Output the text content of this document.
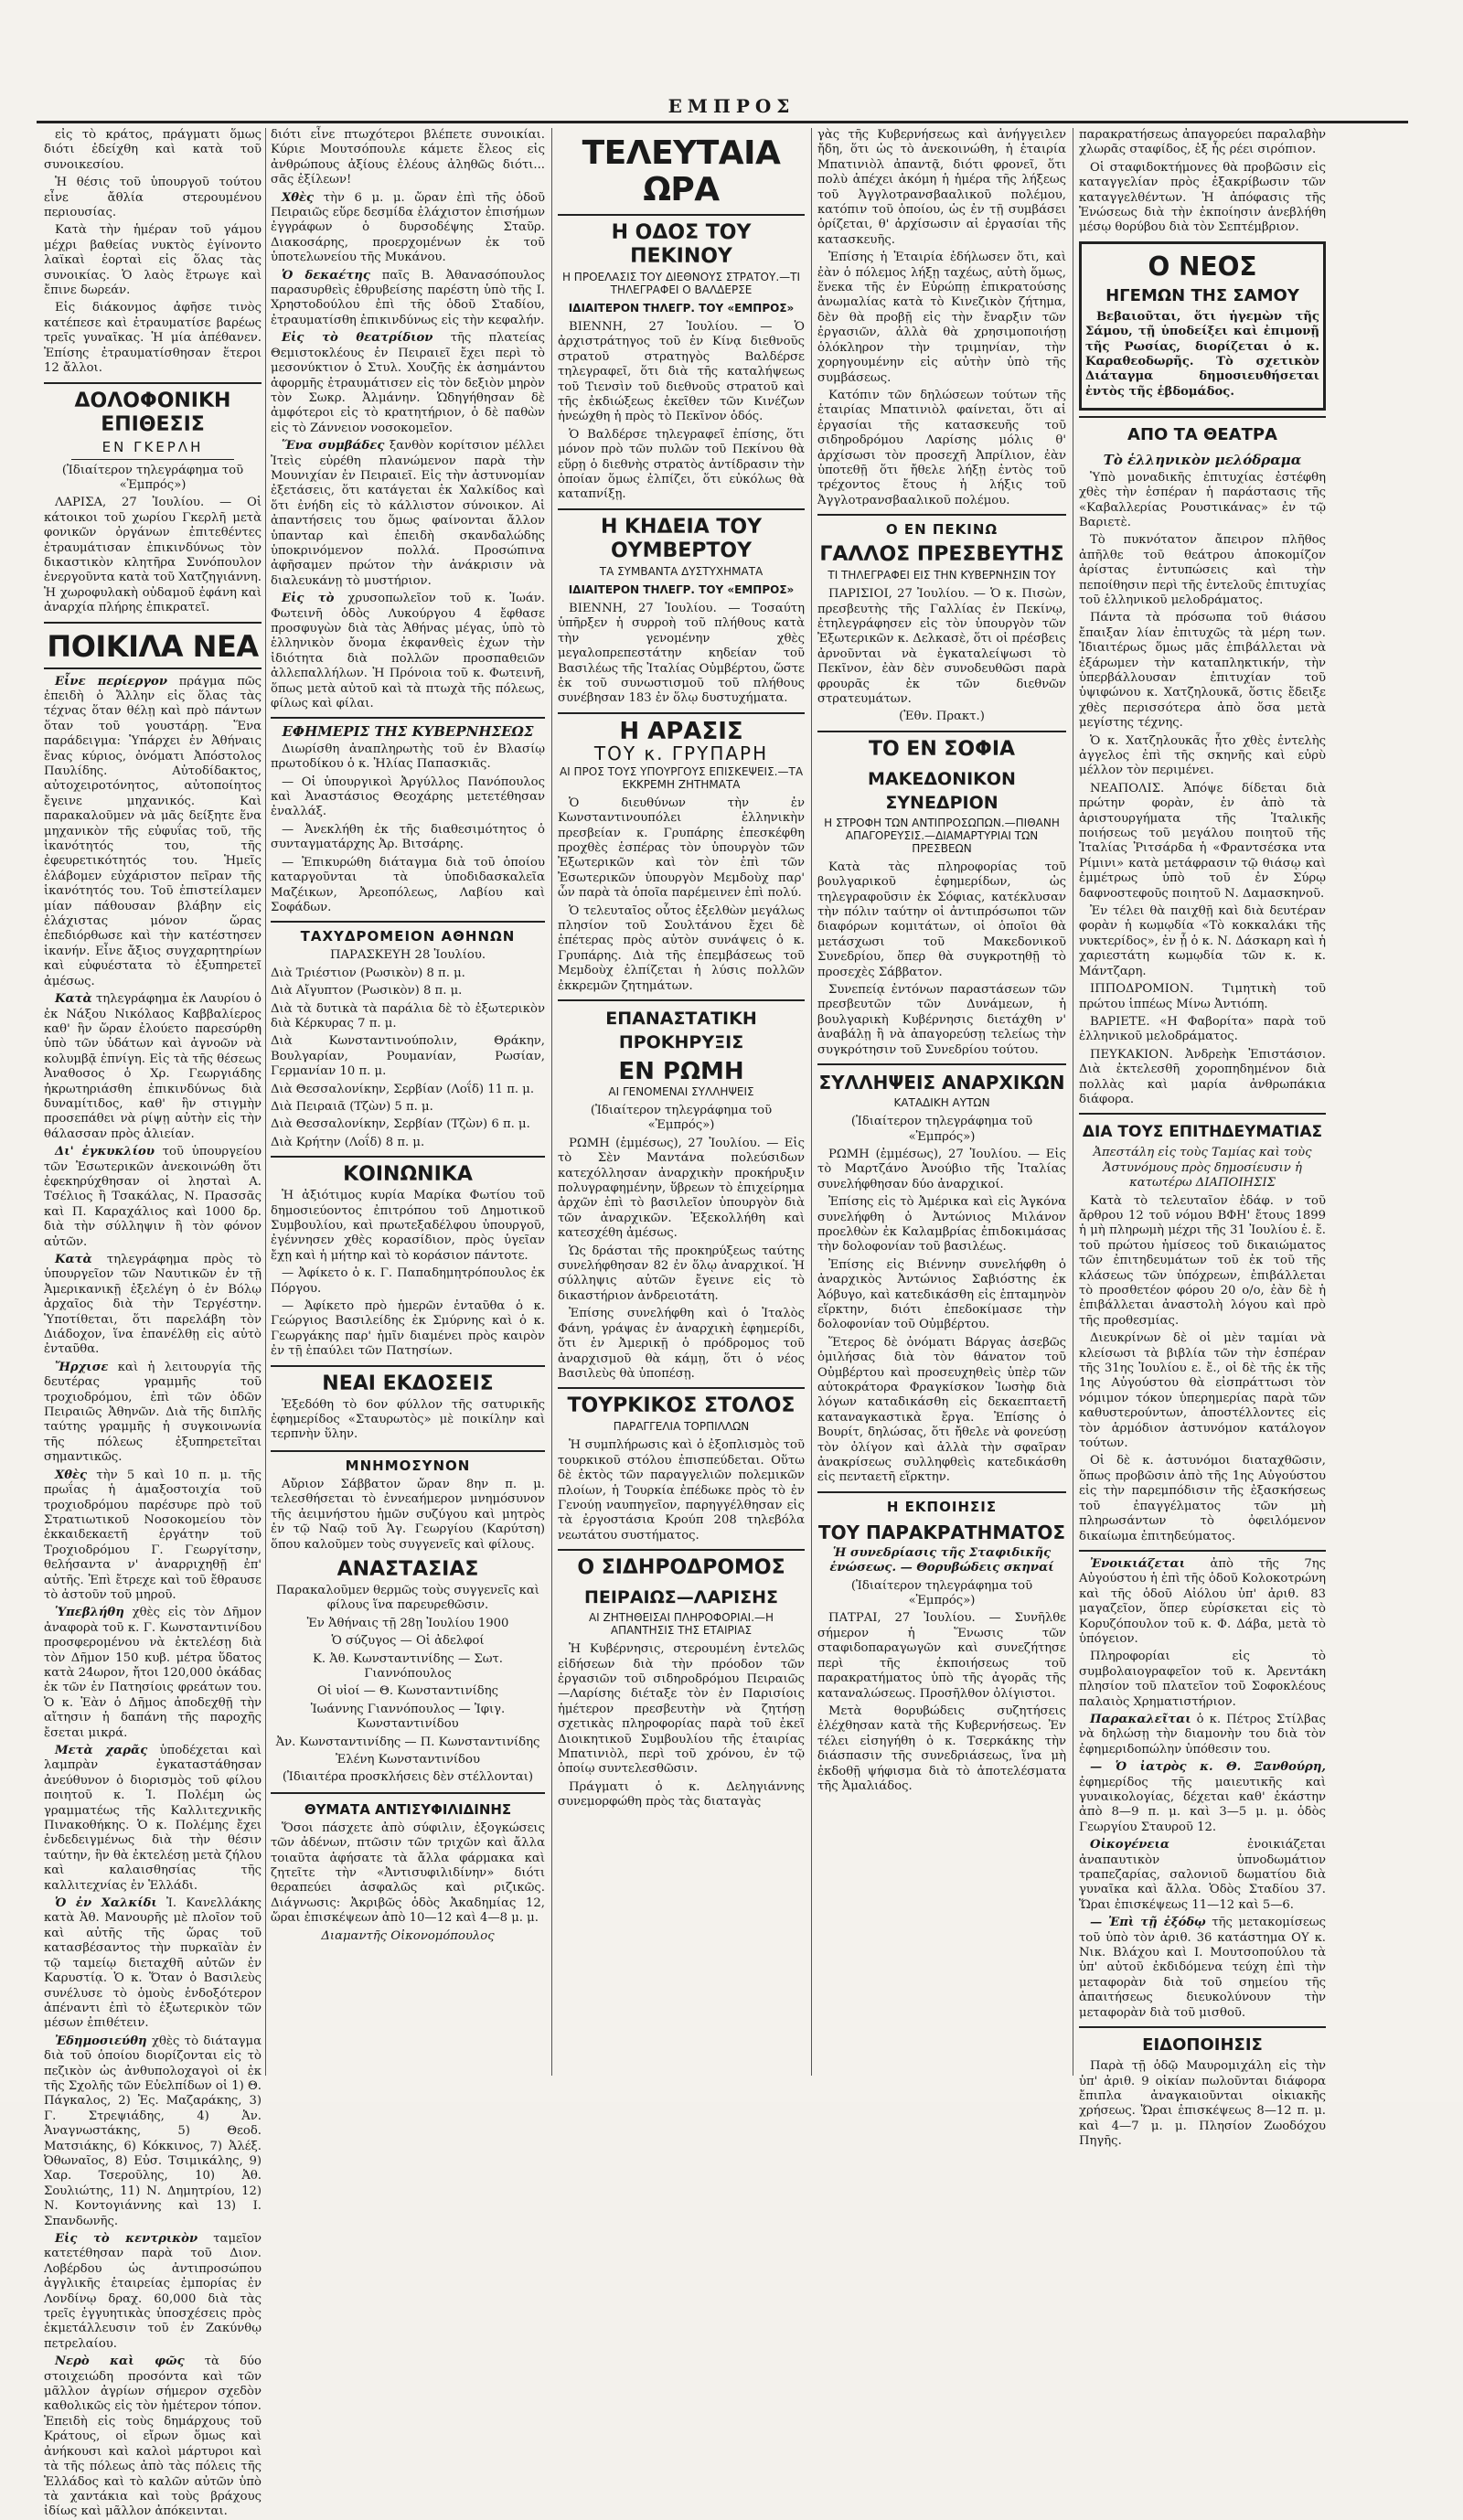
ΕΜΠΡΟΣ

εἰς τὸ κράτος, πράγματι ὅμως διότι ἐδείχθη καὶ κατὰ τοῦ συνοικεσίου.

Ἡ θέσις τοῦ ὑπουργοῦ τούτου εἶνε ἄθλία στερουμένου περιουσίας.

Κατὰ τὴν ἡμέραν τοῦ γάμου μέχρι βαθείας νυκτὸς ἐγίνοντο λαϊκαὶ ἑορταὶ εἰς ὅλας τὰς συνοικίας. Ὁ λαὸς ἔτρωγε καὶ ἔπινε δωρεάν.

Εἰς διάκονμος ἀφῆσε τινὸς κατέπεσε καὶ ἐτραυματίσε βαρέως τρεῖς γυναῖκας. Ἡ μία ἀπέθανεν. Ἐπίσης ἐτραυματίσθησαν ἕτεροι 12 ἄλλοι.

ΔΟΛΟΦΟΝΙΚΗ ΕΠΙΘΕΣΙΣ
ΕΝ ΓΚΕΡΛΗ

(Ἰδιαίτερον τηλεγράφημα τοῦ «Ἐμπρός»)

ΛΑΡΙΣΑ, 27 Ἰουλίου. — Οἱ κάτοικοι τοῦ χωρίου Γκερλῆ μετὰ φονικῶν ὀργάνων ἐπιτεθέντες ἐτραυμάτισαν ἐπικινδύνως τὸν δικαστικὸν κλητῆρα Συνόπουλον ἐνεργοῦντα κατὰ τοῦ Χατζηγιάννη. Ἡ χωροφυλακὴ οὐδαμοῦ ἐφάνη καὶ ἀναρχία πλήρης ἐπικρατεῖ.

ΠΟΙΚΙΛΑ ΝΕΑ

Εἶνε περίεργον πράγμα πῶς ἐπειδὴ ὁ Ἄλλην εἰς ὅλας τὰς τέχνας ὅταν θέλῃ καὶ πρὸ πάντων ὅταν τοῦ γουστάρῃ. Ἕνα παράδειγμα: Ὑπάρχει ἐν Ἀθήναις ἕνας κύριος, ὀνόματι Ἀπόστολος Παυλίδης. Αὐτοδίδακτος, αὐτοχειροτόνητος, αὐτοποίητος ἔγεινε μηχανικός. Καὶ παρακαλοῦμεν νὰ μᾶς δείξητε ἕνα μηχανικὸν τῆς εὐφυΐας τοῦ, τῆς ἱκανότητός του, τῆς ἐφευρετικότητός του. Ἡμεῖς ἐλάβομεν εὐχάριστον πεῖραν τῆς ἱκανότητός του. Τοῦ ἐπιστείλαμεν μίαν πάθουσαν βλάβην εἰς ἐλάχιστας μόνον ὥρας ἐπεδιόρθωσε καὶ τὴν κατέστησεν ἱκανήν. Εἶνε ἄξιος συγχαρητηρίων καὶ εὐφυέστατα τὸ ἐξυπηρετεῖ ἀμέσως.

Κατὰ τηλεγράφημα ἐκ Λαυρίου ὁ ἐκ Νάξου Νικόλαος Καββαλίερος καθ' ἣν ὥραν ἐλούετο παρεσύρθη ὑπὸ τῶν ὑδάτων καὶ ἀγνοῶν νὰ κολυμβᾷ ἐπνίγη. Εἰς τὰ τῆς θέσεως Ἀναθοσος ὁ Χρ. Γεωργιάδης ἠκρωτηριάσθη ἐπικινδύνως διὰ δυναμίτιδος, καθ' ἣν στιγμὴν προσεπάθει νὰ ρίψῃ αὐτὴν εἰς τὴν θάλασσαν πρὸς ἁλιείαν.

Δι' ἐγκυκλίου τοῦ ὑπουργείου τῶν Ἐσωτερικῶν ἀνεκοινώθη ὅτι ἐφεκηρύχθησαν οἱ λησταὶ Α. Τσέλιος ἢ Τσακάλας, Ν. Πρασσᾶς καὶ Π. Καραχάλιος καὶ 1000 δρ. διὰ τὴν σύλληψιν ἢ τὸν φόνον αὐτῶν.

Κατὰ τηλεγράφημα πρὸς τὸ ὑπουργεῖον τῶν Ναυτικῶν ἐν τῇ Ἀμερικανικῇ ἐξελέγη ὁ ἐν Βόλῳ ἀρχαῖος διὰ τὴν Τεργέστην. Ὑποτίθεται, ὅτι παρελάβη τὸν Διάδοχον, ἵνα ἐπανέλθῃ εἰς αὐτὸ ἐνταῦθα.

Ἤρχισε καὶ ἡ λειτουργία τῆς δευτέρας γραμμῆς τοῦ τροχιοδρόμου, ἐπὶ τῶν ὁδῶν Πειραιῶς Ἀθηνῶν. Διὰ τῆς διπλῆς ταύτης γραμμῆς ἡ συγκοινωνία τῆς πόλεως ἐξυπηρετεῖται σημαντικῶς.

Χθὲς τὴν 5 καὶ 10 π. μ. τῆς πρωΐας ἡ ἁμαξοστοιχία τοῦ τροχιοδρόμου παρέσυρε πρὸ τοῦ Στρατιωτικοῦ Νοσοκομείου τὸν ἑκκαιδεκαετῆ ἐργάτην τοῦ Τροχιοδρόμου Γ. Γεωργίτσην, θελήσαντα ν' ἀναρριχηθῇ ἐπ' αὐτῆς. Ἐπὶ ἔτρεχε καὶ τοῦ ἔθραυσε τὸ ἀστοῦν τοῦ μηροῦ.

Ὑπεβλήθη χθὲς εἰς τὸν Δῆμον ἀναφορὰ τοῦ κ. Γ. Κωνσταντινίδου προσφερομένου νὰ ἐκτελέσῃ διὰ τὸν Δῆμον 150 κυβ. μέτρα ὕδατος κατὰ 24ωρον, ἤτοι 120,000 ὀκάδας ἐκ τῶν ἐν Πατησίοις φρεάτων του. Ὁ κ. Ἐὰν ὁ Δῆμος ἀποδεχθῇ τὴν αἴτησιν ἡ δαπάνη τῆς παροχῆς ἔσεται μικρά.

Μετὰ χαρᾶς ὑποδέχεται καὶ λαμπρὰν ἐγκαταστάθησαν ἀνεύθυνον ὁ διορισμὸς τοῦ φίλου ποιητοῦ κ. Ἰ. Πολέμη ὡς γραμματέως τῆς Καλλιτεχνικῆς Πινακοθήκης. Ὁ κ. Πολέμης ἔχει ἐνδεδειγμένως διὰ τὴν θέσιν ταύτην, ἣν θὰ ἐκτελέσῃ μετὰ ζήλου καὶ καλαισθησίας τῆς καλλιτεχνίας ἐν Ἑλλάδι.

Ὁ ἐν Χαλκίδι Ἰ. Κανελλάκης κατὰ Ἀθ. Μανουρῆς μὲ πλοῖον τοῦ καὶ αὐτῆς τῆς ὥρας τοῦ κατασβέσαντος τὴν πυρκαϊὰν ἐν τῷ ταμείῳ διεταχθῆ αὐτῶν ἐν Καρυστίᾳ. Ὁ κ. Ὅταν ὁ Βασιλεὺς συνέλυσε τὸ ὁμοὺς ἐνδοξότερον ἀπέναντι ἐπὶ τὸ ἐξωτερικὸν τῶν μέσων ἐπιθέτειν.

Ἐδημοσιεύθη χθὲς τὸ διάταγμα διὰ τοῦ ὁποίου διορίζονται εἰς τὸ πεζικὸν ὡς ἀνθυπολοχαγοὶ οἱ ἐκ τῆς Σχολῆς τῶν Εὐελπίδων οἱ 1) Θ. Πάγκαλος, 2) Ἐς. Μαζαράκης, 3) Γ. Στρεψιάδης, 4) Ἀν. Ἀναγνωστάκης, 5) Θεοδ. Ματσιάκης, 6) Κόκκινος, 7) Ἀλέξ. Ὀθωναῖος, 8) Εὐσ. Τσιμικάλης, 9) Χαρ. Τσεροῦλης, 10) Ἀθ. Σουλιώτης, 11) Ν. Δημητρίου, 12) Ν. Κοντογιάννης καὶ 13) Ι. Σπανδωνῆς.

Εἰς τὸ κεντρικὸν ταμεῖον κατετέθησαν παρὰ τοῦ Διον. Λοβέρδου ὡς ἀντιπροσώπου ἀγγλικῆς ἑταιρείας ἐμπορίας ἐν Λονδίνῳ δραχ. 60,000 διὰ τὰς τρεῖς ἐγγυητικὰς ὑποσχέσεις πρὸς ἐκμετάλλευσιν τοῦ ἐν Ζακύνθῳ πετρελαίου.

Νερὸ καὶ φῶς τὰ δύο στοιχειώδη προσόντα καὶ τῶν μᾶλλον ἀγρίων σήμερον σχεδὸν καθολικῶς εἰς τὸν ἡμέτερον τόπον. Ἐπειδὴ εἰς τοὺς δημάρχους τοῦ Κράτους, οἱ εἴρων ὅμως καὶ ἀνήκουσι καὶ καλοὶ μάρτυροι καὶ τὰ τῆς πόλεως ἀπὸ τὰς πόλεις τῆς Ἑλλάδος καὶ τὸ καλῶν αὐτῶν ὑπὸ τὰ χαντάκια καὶ τοὺς βράχους ἰδίως καὶ μᾶλλον ἀπόκεινται.

διότι εἶνε πτωχότεροι βλέπετε συνοικίαι. Κύριε Μουτσόπουλε κάμετε ἔλεος εἰς ἀνθρώπους ἀξίους ἐλέους ἀληθῶς διότι... σᾶς ἐξίλεων!

Χθὲς τὴν 6 μ. μ. ὥραν ἐπὶ τῆς ὁδοῦ Πειραιῶς εὕρε δεσμίδα ἐλάχιστον ἐπισήμων ἐγγράφων ὁ δυρσοδέψης Σταῦρ. Διακοσάρης, προερχομένων ἐκ τοῦ ὑποτελωνείου τῆς Μυκάνου.

Ὁ δεκαέτης παῖς Β. Ἀθανασόπουλος παρασυρθεὶς ἐθρυβείσης παρέστη ὑπὸ τῆς Ι. Χρηστοδούλου ἐπὶ τῆς ὁδοῦ Σταδίου, ἐτραυματίσθη ἐπικινδύνως εἰς τὴν κεφαλήν.

Εἰς τὸ θεατρίδιον τῆς πλατείας Θεμιστοκλέους ἐν Πειραιεῖ ἔχει περὶ τὸ μεσονύκτιον ὁ Στυλ. Χουζῆς ἐκ ἀσημάντου ἀφορμῆς ἐτραυμάτισεν εἰς τὸν δεξιὸν μηρὸν τὸν Σωκρ. Ἀλμάνην. Ὡδηγήθησαν δὲ ἀμφότεροι εἰς τὸ κρατητήριον, ὁ δὲ παθὼν εἰς τὸ Ζάννειον νοσοκομεῖον.

Ἕνα συμβάδες ξανθὸν κορίτσιον μέλλει Ἰτεὶς εὑρέθη πλανώμενον παρὰ τὴν Μουνιχίαν ἐν Πειραιεῖ. Εἰς τὴν ἀστυνομίαν ἐξετάσεις, ὅτι κατάγεται ἐκ Χαλκίδος καὶ ὅτι ἐνήδη εἰς τὸ κάλλιστον σύνοικον. Αἱ ἀπαντήσεις του ὅμως φαίνονται ἄλλον ὑπανταρ καὶ ἐπειδὴ σκανδαλώδης ὑποκρινόμενον πολλά. Προσώπινα ἀφῆσαμεν πρώτον τὴν ἀνάκρισιν νὰ διαλευκάνῃ τὸ μυστήριον.

Εἰς τὸ χρυσοπωλεῖον τοῦ κ. Ἰωάν. Φωτεινῆ ὁδὸς Λυκούργου 4 ἔφθασε προσφυγὼν διὰ τὰς Ἀθήνας μέγας, ὑπὸ τὸ ἑλληνικὸν ὄνομα ἐκφανθεὶς ἐχων τὴν ἰδιότητα διὰ πολλῶν προσπαθειῶν ἀλλεπαλλήλων. Ἡ Πρόνοια τοῦ κ. Φωτεινῆ, ὅπως μετὰ αὐτοῦ καὶ τὰ πτωχὰ τῆς πόλεως, φίλως καὶ φίλαι.

ΕΦΗΜΕΡΙΣ ΤΗΣ ΚΥΒΕΡΝΗΣΕΩΣ

Διωρίσθη ἀναπληρωτὴς τοῦ ἐν Βλασίῳ πρωτοδίκου ὁ κ. Ἡλίας Παπασκιᾶς.

— Οἱ ὑπουργικοὶ Ἀργύλλος Πανόπουλος καὶ Ἀναστάσιος Θεοχάρης μετετέθησαν ἐναλλάξ.

— Ἀνεκλήθη ἐκ τῆς διαθεσιμότητος ὁ συνταγματάρχης Ἀρ. Βιτσάρης.

— Ἐπικυρώθη διάταγμα διὰ τοῦ ὁποίου καταργοῦνται τὰ ὑποδιδασκαλεῖα Μαζέικων, Ἀρεοπόλεως, Λαβίου καὶ Σοφάδων.

ΤΑΧΥΔΡΟΜΕΙΟΝ ΑΘΗΝΩΝ

ΠΑΡΑΣΚΕΥΗ 28 Ἰουλίου.

Διὰ Τριέστιον (Ρωσικὸν) 8 π. μ.

Διὰ Αἴγυπτον (Ρωσικὸν) 8 π. μ.

Διὰ τὰ δυτικὰ τὰ παράλια δὲ τὸ ἐξωτερικὸν διὰ Κέρκυρας 7 π. μ.

Διὰ Κωνσταντινούπολιν, Θράκην, Βουλγαρίαν, Ρουμανίαν, Ρωσίαν, Γερμανίαν 10 π. μ.

Διὰ Θεσσαλονίκην, Σερβίαν (Λοΐδ) 11 π. μ.

Διὰ Πειραιᾶ (Τζὼν) 5 π. μ.

Διὰ Θεσσαλονίκην, Σερβίαν (Τζὼν) 6 π. μ.

Διὰ Κρήτην (Λοΐδ) 8 π. μ.

ΚΟΙΝΩΝΙΚΑ

Ἡ ἀξιότιμος κυρία Μαρίκα Φωτίου τοῦ δημοσιεύοντος ἐπιτρόπου τοῦ Δημοτικοῦ Συμβουλίου, καὶ πρωτεξαδέλφου ὑπουργοῦ, ἐγέννησεν χθὲς κορασίδιον, πρὸς ὑγεῖαν ἔχῃ καὶ ἡ μήτηρ καὶ τὸ κοράσιον πάντοτε.

— Ἀφίκετο ὁ κ. Γ. Παπαδημητρόπουλος ἐκ Πόργου.

— Ἀφίκετο πρὸ ἡμερῶν ἐνταῦθα ὁ κ. Γεώργιος Βασιλείδης ἐκ Σμύρνης καὶ ὁ κ. Γεωργάκης παρ' ἡμῖν διαμένει πρὸς καιρὸν ἐν τῇ ἐπαύλει τῶν Πατησίων.

ΝΕΑΙ ΕΚΔΟΣΕΙΣ

Ἐξεδόθη τὸ 6ον φύλλον τῆς σατυρικῆς ἐφημερίδος «Σταυρωτὸς» μὲ ποικίλην καὶ τερπνὴν ὕλην.

ΜΝΗΜΟΣΥΝΟΝ

Αὔριον Σάββατον ὥραν 8ην π. μ. τελεσθήσεται τὸ ἐννεαήμερον μνημόσυνον τῆς ἀειμνήστου ἡμῶν συζύγου καὶ μητρὸς ἐν τῷ Ναῷ τοῦ Ἁγ. Γεωργίου (Καρύτση) ὅπου καλοῦμεν τοὺς συγγενεῖς καὶ φίλους.

ΑΝΑΣΤΑΣΙΑΣ

Παρακαλοῦμεν θερμῶς τοὺς συγγενεῖς καὶ φίλους ἵνα παρευρεθῶσιν.

Ἐν Ἀθήναις τῇ 28ῃ Ἰουλίου 1900

Ὁ σύζυγος — Οἱ ἀδελφοί

Κ. Ἀθ. Κωνσταντινίδης — Σωτ. Γιαννόπουλος

Οἱ υἱοί — Θ. Κωνσταντινίδης

Ἰωάννης Γιαννόπουλος — Ἰφιγ. Κωνσταντινίδου

Ἀν. Κωνσταντινίδης — Π. Κωνσταντινίδης

Ἐλένη Κωνσταντινίδου

(Ἰδιαιτέρα προσκλήσεις δὲν στέλλονται)

ΘΥΜΑΤΑ ΑΝΤΙΣΥΦΙΛΙΔΙΝΗΣ

Ὅσοι πάσχετε ἀπὸ σύφιλιν, ἐξογκώσεις τῶν ἀδένων, πτῶσιν τῶν τριχῶν καὶ ἄλλα τοιαῦτα ἀφήσατε τὰ ἄλλα φάρμακα καὶ ζητεῖτε τὴν «Ἀντισυφιλιδίνην» διότι θεραπεύει ἀσφαλῶς καὶ ριζικῶς. Διάγνωσις: Ἀκριβῶς ὁδὸς Ἀκαδημίας 12, ὥραι ἐπισκέψεων ἀπὸ 10—12 καὶ 4—8 μ. μ.

Διαμαντῆς Οἰκονομόπουλος

ΤΕΛΕΥΤΑΙΑ ΩΡΑ
Η ΟΔΟΣ ΤΟΥ ΠΕΚΙΝΟΥ
Η ΠΡΟΕΛΑΣΙΣ ΤΟΥ ΔΙΕΘΝΟΥΣ ΣΤΡΑΤΟΥ.—ΤΙ ΤΗΛΕΓΡΑΦΕΙ Ο ΒΑΛΔΕΡΣΕ
ΙΔΙΑΙΤΕΡΟΝ ΤΗΛΕΓΡ. ΤΟΥ «ΕΜΠΡΟΣ»

ΒΙΕΝΝΗ, 27 Ἰουλίου. — Ὁ ἀρχιστράτηγος τοῦ ἐν Κίνᾳ διεθνοῦς στρατοῦ στρατηγὸς Βαλδέρσε τηλεγραφεῖ, ὅτι διὰ τῆς καταλήψεως τοῦ Τιενσὶν τοῦ διεθνοῦς στρατοῦ καὶ τῆς ἐκδιώξεως ἐκεῖθεν τῶν Κινέζων ἠνεώχθη ἡ πρὸς τὸ Πεκῖνον ὁδός.

Ὁ Βαλδέρσε τηλεγραφεῖ ἐπίσης, ὅτι μόνον πρὸ τῶν πυλῶν τοῦ Πεκίνου θὰ εὕρῃ ὁ διεθνὴς στρατὸς ἀντίδρασιν τὴν ὁποίαν ὅμως ἐλπίζει, ὅτι εὐκόλως θὰ καταπνίξῃ.

Η ΚΗΔΕΙΑ ΤΟΥ ΟΥΜΒΕΡΤΟΥ
ΤΑ ΣΥΜΒΑΝΤΑ ΔΥΣΤΥΧΗΜΑΤΑ
ΙΔΙΑΙΤΕΡΟΝ ΤΗΛΕΓΡ. ΤΟΥ «ΕΜΠΡΟΣ»

ΒΙΕΝΝΗ, 27 Ἰουλίου. — Τοσαύτη ὑπῆρξεν ἡ συρροὴ τοῦ πλήθους κατὰ τὴν γενομένην χθὲς μεγαλοπρεπεστάτην κηδείαν τοῦ Βασιλέως τῆς Ἰταλίας Οὐμβέρτου, ὥστε ἐκ τοῦ συνωστισμοῦ τοῦ πλήθους συνέβησαν 183 ἐν ὅλῳ δυστυχήματα.

Η ΑΡΑΣΙΣ
ΤΟΥ κ. ΓΡΥΠΑΡΗ
ΑΙ ΠΡΟΣ ΤΟΥΣ ΥΠΟΥΡΓΟΥΣ ΕΠΙΣΚΕΨΕΙΣ.—ΤΑ ΕΚΚΡΕΜΗ ΖΗΤΗΜΑΤΑ

Ὁ διευθύνων τὴν ἐν Κωνσταντινουπόλει ἑλληνικὴν πρεσβείαν κ. Γρυπάρης ἐπεσκέφθη προχθὲς ἑσπέρας τὸν ὑπουργὸν τῶν Ἐξωτερικῶν καὶ τὸν ἐπὶ τῶν Ἐσωτερικῶν ὑπουργὸν Μεμδοὺχ παρ' ὧν παρὰ τὰ ὁποῖα παρέμεινεν ἐπὶ πολύ.

Ὁ τελευταῖος οὗτος ἐξελθὼν μεγάλως πλησίον τοῦ Σουλτάνου ἔχει δὲ ἐπέτερας πρὸς αὐτὸν συνάψεις ὁ κ. Γρυπάρης. Διὰ τῆς ἐπεμβάσεως τοῦ Μεμδοὺχ ἐλπίζεται ἡ λύσις πολλῶν ἐκκρεμῶν ζητημάτων.

ΕΠΑΝΑΣΤΑΤΙΚΗ ΠΡΟΚΗΡΥΞΙΣ
ΕΝ ΡΩΜΗ
ΑΙ ΓΕΝΟΜΕΝΑΙ ΣΥΛΛΗΨΕΙΣ

(Ἰδιαίτερον τηλεγράφημα τοῦ «Ἐμπρός»)

ΡΩΜΗ (ἐμμέσως), 27 Ἰουλίου. — Εἰς τὸ Σὲν Μαντάνα πολεύσιδων κατεχόλλησαν ἀναρχικὴν προκήρυξιν πολυγραφημένην, ὕβρεων τὸ ἐπιχείρημα ἀρχῶν ἐπὶ τὸ βασιλεῖον ὑπουργὸν διὰ τῶν ἀναρχικῶν. Ἐξεκολλήθη καὶ κατεσχέθη ἀμέσως.

Ὡς δράσται τῆς προκηρύξεως ταύτης συνελήφθησαν 82 ἐν ὅλῳ ἀναρχικοί. Ἡ σύλληψις αὐτῶν ἔγεινε εἰς τὸ δικαστήριον ἀνδρειοτάτη.

Ἐπίσης συνελήφθη καὶ ὁ Ἰταλὸς Φάνη, γράψας ἐν ἀναρχικὴ ἐφημερίδι, ὅτι ἐν Ἀμερικῇ ὁ πρόδρομος τοῦ ἀναρχισμοῦ θὰ κάμῃ, ὅτι ὁ νέος Βασιλεὺς θὰ ὑποπέσῃ.

ΤΟΥΡΚΙΚΟΣ ΣΤΟΛΟΣ
ΠΑΡΑΓΓΕΛΙΑ ΤΟΡΠΙΛΛΩΝ

Ἡ συμπλήρωσις καὶ ὁ ἐξοπλισμὸς τοῦ τουρκικοῦ στόλου ἐπισπεύδεται. Οὕτω δὲ ἐκτὸς τῶν παραγγελιῶν πολεμικῶν πλοίων, ἡ Τουρκία ἐπέδωκε πρὸς τὸ ἐν Γενούῃ ναυπηγεῖον, παρηγγέλθησαν εἰς τὰ ἐργοστάσια Κρούπ 208 τηλεβόλα νεωτάτου συστήματος.

Ο ΣΙΔΗΡΟΔΡΟΜΟΣ
ΠΕΙΡΑΙΩΣ—ΛΑΡΙΣΗΣ
ΑΙ ΖΗΤΗΘΕΙΣΑΙ ΠΛΗΡΟΦΟΡΙΑΙ.—Η ΑΠΑΝΤΗΣΙΣ ΤΗΣ ΕΤΑΙΡΙΑΣ

Ἡ Κυβέρνησις, στερουμένη ἐντελῶς εἰδήσεων διὰ τὴν πρόοδον τῶν ἐργασιῶν τοῦ σιδηροδρόμου Πειραιῶς—Λαρίσης διέταξε τὸν ἐν Παρισίοις ἡμέτερον πρεσβευτὴν νὰ ζητήσῃ σχετικὰς πληροφορίας παρὰ τοῦ ἐκεῖ Διοικητικοῦ Συμβουλίου τῆς ἑταιρίας Μπατινιὸλ, περὶ τοῦ χρόνου, ἐν τῷ ὁποίῳ συντελεσθῶσιν.

Πράγματι ὁ κ. Δεληγιάννης συνεμορφώθη πρὸς τὰς διαταγὰς

γὰς τῆς Κυβερνήσεως καὶ ἀνήγγειλεν ἤδη, ὅτι ὡς τὸ ἀνεκοινώθη, ἡ ἑταιρία Μπατινιὸλ ἀπαντᾷ, διότι φρονεῖ, ὅτι πολὺ ἀπέχει ἀκόμη ἡ ἡμέρα τῆς λήξεως τοῦ Ἀγγλοτρανσβααλικοῦ πολέμου, κατόπιν τοῦ ὁποίου, ὡς ἐν τῇ συμβάσει ὁρίζεται, θ' ἀρχίσωσιν αἱ ἐργασίαι τῆς κατασκευῆς.

Ἐπίσης ἡ Ἑταιρία ἐδήλωσεν ὅτι, καὶ ἐὰν ὁ πόλεμος λήξῃ ταχέως, αὐτὴ ὅμως, ἕνεκα τῆς ἐν Εὐρώπῃ ἐπικρατούσης ἀνωμαλίας κατὰ τὸ Κινεζικὸν ζήτημα, δὲν θὰ προβῇ εἰς τὴν ἔναρξιν τῶν ἐργασιῶν, ἀλλὰ θὰ χρησιμοποιήσῃ ὁλόκληρον τὴν τριμηνίαν, τὴν χορηγουμένην εἰς αὐτὴν ὑπὸ τῆς συμβάσεως.

Κατόπιν τῶν δηλώσεων τούτων τῆς ἑταιρίας Μπατινιὸλ φαίνεται, ὅτι αἱ ἐργασίαι τῆς κατασκευῆς τοῦ σιδηροδρόμου Λαρίσης μόλις θ' ἀρχίσωσι τὸν προσεχῆ Ἀπρίλιον, ἐὰν ὑποτεθῇ ὅτι ἤθελε λήξῃ ἐντὸς τοῦ τρέχοντος ἔτους ἡ λήξις τοῦ Ἀγγλοτρανσβααλικοῦ πολέμου.

Ο ΕΝ ΠΕΚΙΝΩ
ΓΑΛΛΟΣ ΠΡΕΣΒΕΥΤΗΣ
ΤΙ ΤΗΛΕΓΡΑΦΕΙ ΕΙΣ ΤΗΝ ΚΥΒΕΡΝΗΣΙΝ ΤΟΥ

ΠΑΡΙΣΙΟΙ, 27 Ἰουλίου. — Ὁ κ. Πισὼν, πρεσβευτὴς τῆς Γαλλίας ἐν Πεκίνῳ, ἐτηλεγράφησεν εἰς τὸν ὑπουργὸν τῶν Ἐξωτερικῶν κ. Δελκασὲ, ὅτι οἱ πρέσβεις ἀρνοῦνται νὰ ἐγκαταλείψωσι τὸ Πεκῖνον, ἐὰν δὲν συνοδευθῶσι παρὰ φρουρᾶς ἐκ τῶν διεθνῶν στρατευμάτων.

(Ἐθν. Πρακτ.)

ΤΟ ΕΝ ΣΟΦΙΑ
ΜΑΚΕΔΟΝΙΚΟΝ ΣΥΝΕΔΡΙΟΝ
Η ΣΤΡΟΦΗ ΤΩΝ ΑΝΤΙΠΡΟΣΩΠΩΝ.—ΠΙΘΑΝΗ ΑΠΑΓΟΡΕΥΣΙΣ.—ΔΙΑΜΑΡΤΥΡΙΑΙ ΤΩΝ ΠΡΕΣΒΕΩΝ

Κατὰ τὰς πληροφορίας τοῦ βουλγαρικοῦ ἐφημερίδων, ὡς τηλεγραφοῦσιν ἐκ Σόφιας, κατέκλυσαν τὴν πόλιν ταύτην οἱ ἀντιπρόσωποι τῶν διαφόρων κομιτάτων, οἱ ὁποῖοι θὰ μετάσχωσι τοῦ Μακεδονικοῦ Συνεδρίου, ὅπερ θὰ συγκροτηθῇ τὸ προσεχὲς Σάββατον.

Συνεπείᾳ ἐντόνων παραστάσεων τῶν πρεσβευτῶν τῶν Δυνάμεων, ἡ βουλγαρικὴ Κυβέρνησις διετάχθη ν' ἀναβάλῃ ἢ νὰ ἀπαγορεύσῃ τελείως τὴν συγκρότησιν τοῦ Συνεδρίου τούτου.

ΣΥΛΛΗΨΕΙΣ ΑΝΑΡΧΙΚΩΝ
ΚΑΤΑΔΙΚΗ ΑΥΤΩΝ

(Ἰδιαίτερον τηλεγράφημα τοῦ «Ἐμπρός»)

ΡΩΜΗ (ἐμμέσως), 27 Ἰουλίου. — Εἰς τὸ Μαρτζάνο Ἀνούβιο τῆς Ἰταλίας συνελήφθησαν δύο ἀναρχικοί.

Ἐπίσης εἰς τὸ Ἀμέρικα καὶ εἰς Ἀγκόνα συνελήφθη ὁ Ἀντώνιος Μιλάνον προελθὼν ἐκ Καλαμβρίας ἐπιδοκιμάσας τὴν δολοφονίαν τοῦ βασιλέως.

Ἐπίσης εἰς Βιέννην συνελήφθη ὁ ἀναρχικὸς Ἀντώνιος Σαβιόστης ἐκ Ἀόβυγο, καὶ κατεδικάσθη εἰς ἑπταμηνὸν εἵρκτην, διότι ἐπεδοκίμασε τὴν δολοφονίαν τοῦ Οὐμβέρτου.

Ἕτερος δὲ ὀνόματι Βάργας ἀσεβῶς ὁμιλήσας διὰ τὸν θάνατον τοῦ Οὐμβέρτου καὶ προσευχηθεὶς ὑπὲρ τῶν αὐτοκράτορα Φραγκίσκον Ἰωσὴφ διὰ λόγων καταδικάσθη εἰς δεκαεπταετῆ καταναγκαστικὰ ἔργα. Ἐπίσης ὁ Βουρίτ, δηλώσας, ὅτι ἤθελε νὰ φονεύσῃ τὸν ὀλίγον καὶ ἀλλὰ τὴν σφαῖραν ἀνακρίσεως συλληφθεὶς κατεδικάσθη εἰς πενταετῆ εἵρκτην.

Η ΕΚΠΟΙΗΣΙΣ
ΤΟΥ ΠΑΡΑΚΡΑΤΗΜΑΤΟΣ

Ἡ συνεδρίασις τῆς Σταφιδικῆς ἑνώσεως. — Θορυβώδεις σκηναί

(Ἰδιαίτερον τηλεγράφημα τοῦ «Ἐμπρός»)

ΠΑΤΡΑΙ, 27 Ἰουλίου. — Συνῆλθε σήμερον ἡ Ἕνωσις τῶν σταφιδοπαραγωγῶν καὶ συνεζήτησε περὶ τῆς ἐκποιήσεως τοῦ παρακρατήματος ὑπὸ τῆς ἀγορᾶς τῆς καταναλώσεως. Προσῆλθον ὀλίγιστοι.

Μετὰ θορυβώδεις συζητήσεις ἐλέχθησαν κατὰ τῆς Κυβερνήσεως. Ἐν τέλει εἰσηγήθη ὁ κ. Τσερκάκης τὴν διάσπασιν τῆς συνεδριάσεως, ἵνα μὴ ἐκδοθῇ ψήφισμα διὰ τὸ ἀποτελέσματα τῆς Ἀμαλιάδος.

παρακρατήσεως ἀπαγορεύει παραλαβὴν χλωρᾶς σταφίδος, ἐξ ἧς ρέει σιρόπιον.

Οἱ σταφιδοκτήμονες θὰ προβῶσιν εἰς καταγγελίαν πρὸς ἐξακρίβωσιν τῶν καταγγελθέντων. Ἡ ἀπόφασις τῆς Ἑνώσεως διὰ τὴν ἐκποίησιν ἀνεβλήθη μέσῳ θορύβου διὰ τὸν Σεπτέμβριον.

Ο ΝΕΟΣ
ΗΓΕΜΩΝ ΤΗΣ ΣΑΜΟΥ

Βεβαιοῦται, ὅτι ἡγεμὼν τῆς Σάμου, τῇ ὑποδείξει καὶ ἐπιμονῇ τῆς Ρωσίας, διορίζεται ὁ κ. Καραθεοδωρῆς. Τὸ σχετικὸν Διάταγμα δημοσιευθήσεται ἐντὸς τῆς ἑβδομάδος.

ΑΠΟ ΤΑ ΘΕΑΤΡΑ
Τὸ ἑλληνικὸν μελόδραμα

Ὑπὸ μοναδικῆς ἐπιτυχίας ἐστέφθη χθὲς τὴν ἑσπέραν ἡ παράστασις τῆς «Καβαλλερίας Ρουστικάνας» ἐν τῷ Βαριετὲ.

Τὸ πυκνότατον ἄπειρον πλῆθος ἀπῆλθε τοῦ θεάτρου ἀποκομίζον ἀρίστας ἐντυπώσεις καὶ τὴν πεποίθησιν περὶ τῆς ἐντελοῦς ἐπιτυχίας τοῦ ἑλληνικοῦ μελοδράματος.

Πάντα τὰ πρόσωπα τοῦ θιάσου ἔπαιξαν λίαν ἐπιτυχῶς τὰ μέρη των. Ἰδιαιτέρως ὅμως μᾶς ἐπιβάλλεται νὰ ἐξάρωμεν τὴν καταπληκτικήν, τὴν ὑπερβάλλουσαν ἐπιτυχίαν τοῦ ὑψιφώνου κ. Χατζηλουκᾶ, ὅστις ἔδειξε χθὲς περισσότερα ἀπὸ ὅσα μετὰ μεγίστης τέχνης.

Ὁ κ. Χατζηλουκᾶς ἦτο χθὲς ἐντελὴς ἀγγελος ἐπὶ τῆς σκηνῆς καὶ εὐρὺ μέλλον τὸν περιμένει.

ΝΕΑΠΟΛΙΣ. Ἀπόψε δίδεται διὰ πρώτην φορὰν, ἐν ἀπὸ τὰ ἀριστουργήματα τῆς Ἰταλικῆς ποιήσεως τοῦ μεγάλου ποιητοῦ τῆς Ἰταλίας Ῥιτσάρδα ἡ «Φραντσέσκα ντα Ρίμινι» κατὰ μετάφρασιν τῷ θιάσῳ καὶ ἐμμέτρως ὑπὸ τοῦ ἐν Σύρῳ δαφνοστεφοῦς ποιητοῦ Ν. Δαμασκηνοῦ.

Ἐν τέλει θὰ παιχθῇ καὶ διὰ δευτέραν φορὰν ἡ κωμῳδία «Τὸ κοκκαλάκι τῆς νυκτερίδος», ἐν ᾗ ὁ κ. Ν. Δάσκαρη καὶ ἡ χαριεστάτη κωμῳδία τῶν κ. κ. Μάντζαρη.

ΙΠΠΟΔΡΟΜΙΟΝ. Τιμητικὴ τοῦ πρώτου ἱππέως Μίνω Ἀντιόπη.

ΒΑΡΙΕΤΕ. «Η Φαβορίτα» παρὰ τοῦ ἑλληνικοῦ μελοδράματος.

ΠΕΥΚΑΚΙΟΝ. Ἀνδρεὴκ Ἐπιστάσιον. Διὰ ἐκτελεσθῆ χοροπηδημένον διὰ πολλὰς καὶ μαρία ἀνθρωπάκια διάφορα.

ΔΙΑ ΤΟΥΣ ΕΠΙΤΗΔΕΥΜΑΤΙΑΣ

Ἀπεστάλη εἰς τοὺς Ταμίας καὶ τοὺς Ἀστυνόμους πρὸς δημοσίευσιν ἡ κατωτέρω ΔΙΑΠΟΙΗΣΙΣ

Κατὰ τὸ τελευταῖον ἐδάφ. ν τοῦ ἄρθρου 12 τοῦ νόμου ΒΦΗ' ἔτους 1899 ἡ μὴ πληρωμὴ μέχρι τῆς 31 Ἰουλίου ἑ. ἔ. τοῦ πρώτου ἡμίσεος τοῦ δικαιώματος τῶν ἐπιτηδευμάτων τοῦ ἐκ τοῦ τῆς κλάσεως τῶν ὑπόχρεων, ἐπιβάλλεται τὸ προσθετέον φόρου 20 ο/ο, ἐὰν δὲ ἡ ἐπιβάλλεται ἀναστολὴ λόγου καὶ πρὸ τῆς προθεσμίας.

Διευκρίνων δὲ οἱ μὲν ταμίαι νὰ κλείσωσι τὰ βιβλία τῶν τὴν ἑσπέραν τῆς 31ης Ἰουλίου ε. ἔ., οἱ δὲ τῆς ἐκ τῆς 1ης Αὐγούστου θὰ εἰσπράττωσι τὸν νόμιμον τόκον ὑπερημερίας παρὰ τῶν καθυστερούντων, ἀποστέλλοντες εἰς τὸν ἁρμόδιον ἀστυνόμον κατάλογον τούτων.

Οἱ δὲ κ. ἀστυνόμοι διαταχθῶσιν, ὅπως προβῶσιν ἀπὸ τῆς 1ης Αὐγούστου εἰς τὴν παρεμπόδισιν τῆς ἐξασκήσεως τοῦ ἐπαγγέλματος τῶν μὴ πληρωσάντων τὸ ὀφειλόμενον δικαίωμα ἐπιτηδεύματος.

Ἐνοικιάζεται ἀπὸ τῆς 7ης Αὐγούστου ἡ ἐπὶ τῆς ὁδοῦ Κολοκοτρώνη καὶ τῆς ὁδοῦ Αἰόλου ὑπ' ἀριθ. 83 μαγαζεῖον, ὅπερ εὑρίσκεται εἰς τὸ Κορυζόπουλον τοῦ κ. Φ. Δάβα, μετὰ τὸ ὑπόγειον.

Πληροφορίαι εἰς τὸ συμβολαιογραφεῖον τοῦ κ. Ἀρεντάκη πλησίον τοῦ πλατεῖον τοῦ Σοφοκλέους παλαιὸς Χρηματιστήριον.

Παρακαλεῖται ὁ κ. Πέτρος Στίλβας νὰ δηλώσῃ τὴν διαμονὴν του διὰ τὸν ἐφημεριδοπώλην ὑπόθεσιν του.

— Ὁ ἰατρὸς κ. Θ. Ξανθούρη, ἐφημερίδος τῆς μαιευτικῆς καὶ γυναικολογίας, δέχεται καθ' ἑκάστην ἀπὸ 8—9 π. μ. καὶ 3—5 μ. μ. ὁδὸς Γεωργίου Σταυροῦ 12.

Οἰκογένεια	ἐνοικιάζεται ἀναπαυτικὸν ὑπνοδωμάτιον τραπεζαρίας, σαλονιοῦ δωματίου διὰ γυναῖκα καὶ ἄλλα. Ὁδὸς Σταδίου 37. Ὥραι ἐπισκέψεως 11—12 καὶ 5—6.

— Ἐπὶ τῇ ἐξόδῳ τῆς μετακομίσεως τοῦ ὑπὸ τὸν ἀριθ. 36 κατάστημα ΟΥ κ. Νικ. Βλάχου καὶ Ι. Μουτσοπούλου τὰ ὑπ' αὐτοῦ ἐκδιδόμενα τεύχη ἐπὶ τὴν μεταφορὰν διὰ τοῦ σημείου τῆς ἀπαιτήσεως διευκολύνουν τὴν μεταφορὰν διὰ τοῦ μισθοῦ.

ΕΙΔΟΠΟΙΗΣΙΣ

Παρὰ τῇ ὁδῷ Μαυρομιχάλη εἰς τὴν ὑπ' ἀριθ. 9 οἰκίαν πωλοῦνται διάφορα ἔπιπλα ἀναγκαιοῦνται οἰκιακῆς χρήσεως. Ὥραι ἐπισκέψεως 8—12 π. μ. καὶ 4—7 μ. μ. Πλησίον Ζωοδόχου Πηγῆς.
